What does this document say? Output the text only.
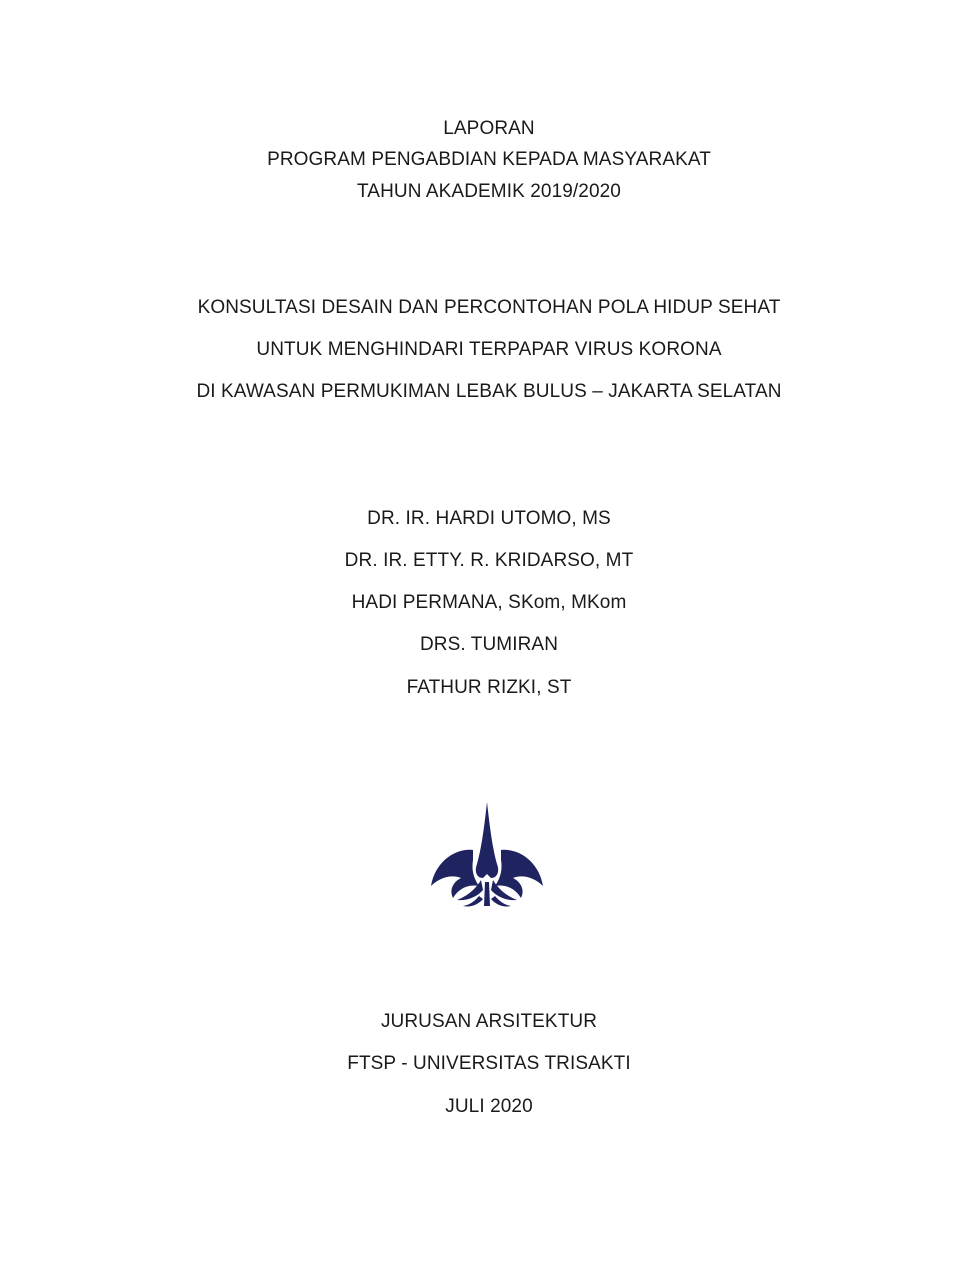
LAPORAN
PROGRAM PENGABDIAN KEPADA MASYARAKAT
TAHUN AKADEMIK 2019/2020
KONSULTASI DESAIN DAN PERCONTOHAN POLA HIDUP SEHAT
UNTUK MENGHINDARI TERPAPAR VIRUS KORONA
DI KAWASAN PERMUKIMAN LEBAK BULUS – JAKARTA SELATAN
DR. IR. HARDI UTOMO, MS
DR. IR. ETTY. R. KRIDARSO, MT
HADI PERMANA, SKom, MKom
DRS. TUMIRAN
FATHUR RIZKI, ST
JURUSAN ARSITEKTUR
FTSP - UNIVERSITAS TRISAKTI
JULI 2020
